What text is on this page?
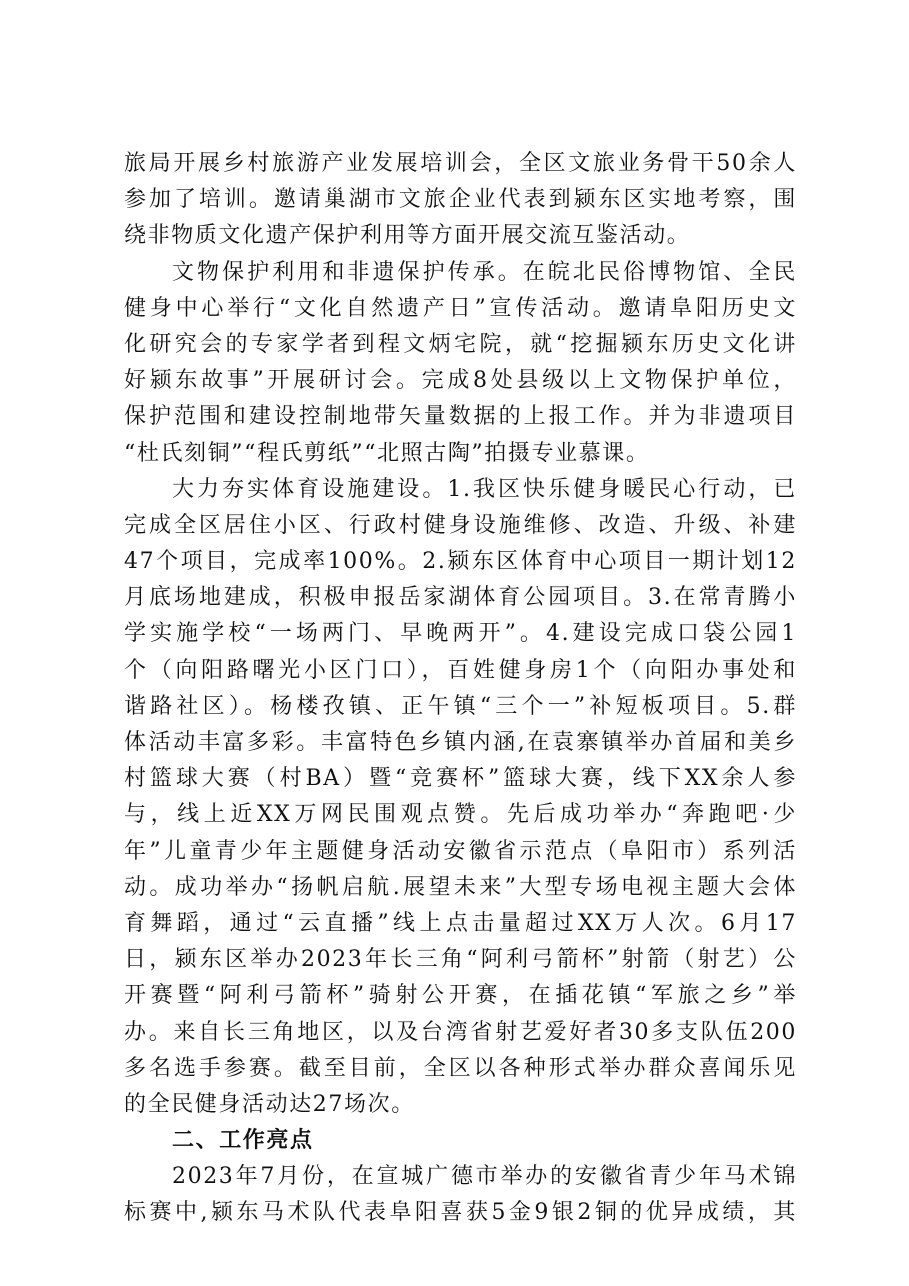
旅局开展乡村旅游产业发展培训会，全区文旅业务骨干50余人
参加了培训。邀请巢湖市文旅企业代表到颍东区实地考察，围
绕非物质文化遗产保护利用等方面开展交流互鉴活动。
文物保护利用和非遗保护传承。在皖北民俗博物馆、全民
健身中心举行“文化自然遗产日”宣传活动。邀请阜阳历史文
化研究会的专家学者到程文炳宅院，就“挖掘颍东历史文化讲
好颍东故事”开展研讨会。完成8处县级以上文物保护单位，
保护范围和建设控制地带矢量数据的上报工作。并为非遗项目
“杜氏刻铜”“程氏剪纸”“北照古陶”拍摄专业慕课。
大力夯实体育设施建设。1.我区快乐健身暖民心行动，已
完成全区居住小区、行政村健身设施维修、改造、升级、补建
47个项目，完成率100%。2.颍东区体育中心项目一期计划12
月底场地建成，积极申报岳家湖体育公园项目。3.在常青腾小
学实施学校“一场两门、早晚两开”。4.建设完成口袋公园1
个（向阳路曙光小区门口），百姓健身房1个（向阳办事处和
谐路社区）。杨楼孜镇、正午镇“三个一”补短板项目。5.群
体活动丰富多彩。丰富特色乡镇内涵,在袁寨镇举办首届和美乡
村篮球大赛（村BA）暨“竞赛杯”篮球大赛，线下XX余人参
与，线上近XX万网民围观点赞。先后成功举办“奔跑吧·少
年”儿童青少年主题健身活动安徽省示范点（阜阳市）系列活
动。成功举办“扬帆启航.展望未来”大型专场电视主题大会体
育舞蹈，通过“云直播”线上点击量超过XX万人次。6月17
日，颍东区举办2023年长三角“阿利弓箭杯”射箭（射艺）公
开赛暨“阿利弓箭杯”骑射公开赛，在插花镇“军旅之乡”举
办。来自长三角地区，以及台湾省射艺爱好者30多支队伍200
多名选手参赛。截至目前，全区以各种形式举办群众喜闻乐见
的全民健身活动达27场次。
二、工作亮点
2023年7月份，在宣城广德市举办的安徽省青少年马术锦
标赛中,颍东马术队代表阜阳喜获5金9银2铜的优异成绩，其
